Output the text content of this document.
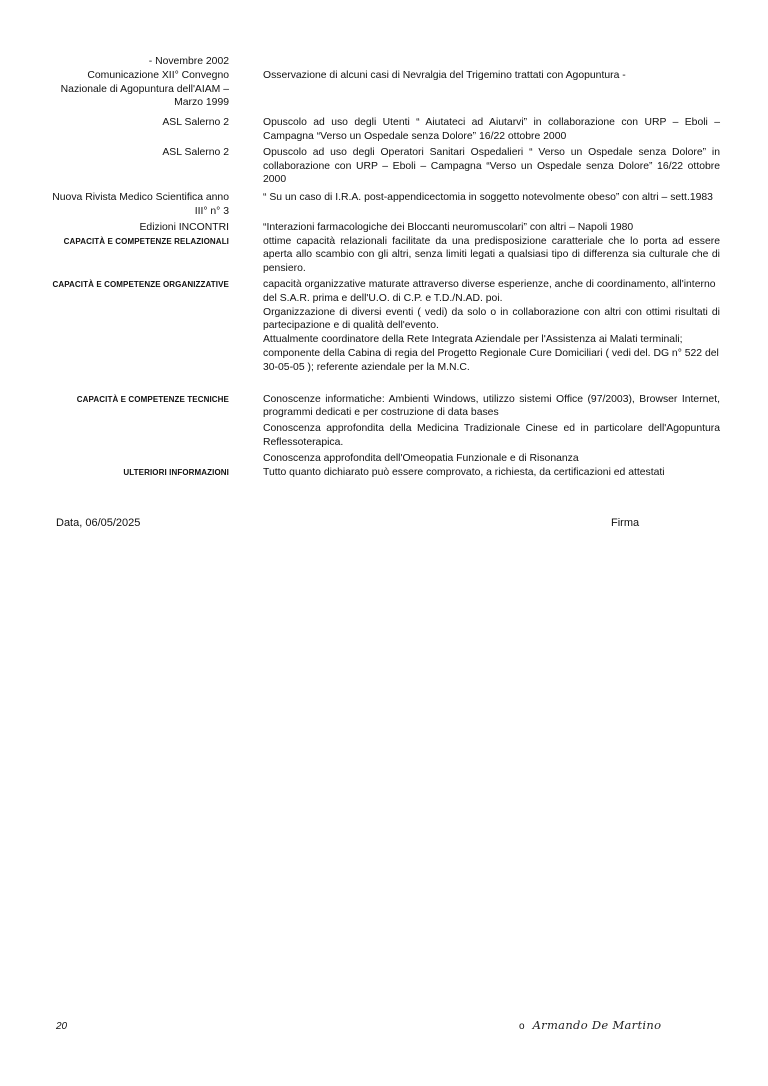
- Novembre 2002		
Comunicazione XII° Convegno Nazionale di Agopuntura dell'AIAM – Marzo 1999		Osservazione di alcuni casi di Nevralgia del Trigemino trattati con Agopuntura -

ASL Salerno 2		Opuscolo ad uso degli Utenti “ Aiutateci ad Aiutarvi” in collaborazione con URP – Eboli – Campagna “Verso un Ospedale senza Dolore” 16/22 ottobre 2000

ASL Salerno 2		Opuscolo ad uso degli Operatori Sanitari Ospedalieri “ Verso un Ospedale senza Dolore” in collaborazione con URP – Eboli – Campagna “Verso un Ospedale senza Dolore” 16/22 ottobre 2000

Nuova Rivista Medico Scientifica anno III° n° 3		“ Su un caso di I.R.A. post-appendicectomia in soggetto notevolmente obeso” con altri – sett.1983

Edizioni INCONTRI		“Interazioni farmacologiche dei Bloccanti neuromuscolari” con altri – Napoli 1980
CAPACITÀ E COMPETENZE RELAZIONALI		ottime capacità relazionali facilitate da una predisposizione caratteriale che lo porta ad essere aperta allo scambio con gli altri, senza limiti legati a qualsiasi tipo di differenza sia culturale che di pensiero.

CAPACITÀ E COMPETENZE ORGANIZZATIVE		capacità organizzative maturate attraverso diverse esperienze, anche di coordinamento, all'interno del S.A.R. prima e dell'U.O. di C.P. e T.D./N.AD. poi.

Organizzazione di diversi eventi ( vedi) da solo o in collaborazione con altri con ottimi risultati di partecipazione e di qualità dell'evento.

Attualmente coordinatore della Rete Integrata Aziendale per l'Assistenza ai Malati terminali; componente della Cabina di regia del Progetto Regionale Cure Domiciliari ( vedi del. DG n° 522 del 30-05-05 ); referente aziendale per la M.N.C.

CAPACITÀ E COMPETENZE TECNICHE		Conoscenze informatiche: Ambienti Windows, utilizzo sistemi Office (97/2003), Browser Internet, programmi dedicati e per costruzione di data bases

Conoscenza approfondita della Medicina Tradizionale Cinese ed in particolare dell'Agopuntura Reflessoterapica.

Conoscenza approfondita dell'Omeopatia Funzionale e di Risonanza

ULTERIORI INFORMAZIONI		Tutto quanto dichiarato può essere comprovato, a richiesta, da certificazioni ed attestati
Data, 06/05/2025	Firma
20	o Armando De Martino
